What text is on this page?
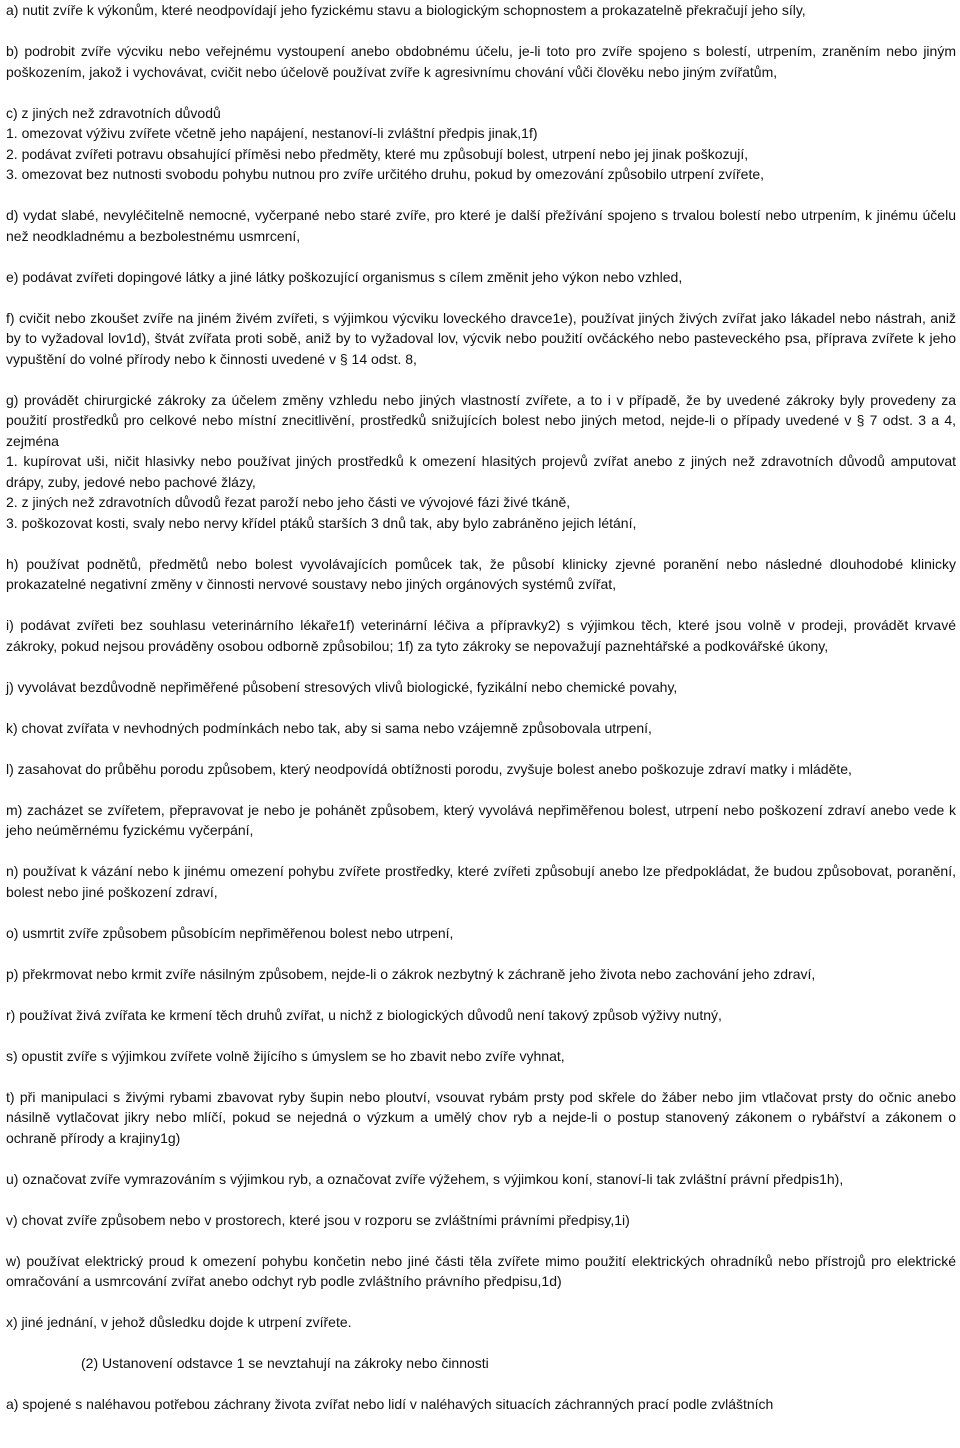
a) nutit zvíře k výkonům, které neodpovídají jeho fyzickému stavu a biologickým schopnostem a prokazatelně překračují jeho síly,

b) podrobit zvíře výcviku nebo veřejnému vystoupení anebo obdobnému účelu, je-li toto pro zvíře spojeno s bolestí, utrpením, zraněním nebo jiným poškozením, jakož i vychovávat, cvičit nebo účelově používat zvíře k agresivnímu chování vůči člověku nebo jiným zvířatům,

c) z jiných než zdravotních důvodů

1. omezovat výživu zvířete včetně jeho napájení, nestanoví-li zvláštní předpis jinak,1f)

2. podávat zvířeti potravu obsahující příměsi nebo předměty, které mu způsobují bolest, utrpení nebo jej jinak poškozují,

3. omezovat bez nutnosti svobodu pohybu nutnou pro zvíře určitého druhu, pokud by omezování způsobilo utrpení zvířete,

d) vydat slabé, nevyléčitelně nemocné, vyčerpané nebo staré zvíře, pro které je další přežívání spojeno s trvalou bolestí nebo utrpením, k jinému účelu než neodkladnému a bezbolestnému usmrcení,

e) podávat zvířeti dopingové látky a jiné látky poškozující organismus s cílem změnit jeho výkon nebo vzhled,

f) cvičit nebo zkoušet zvíře na jiném živém zvířeti, s výjimkou výcviku loveckého dravce1e), používat jiných živých zvířat jako lákadel nebo nástrah, aniž by to vyžadoval lov1d), štvát zvířata proti sobě, aniž by to vyžadoval lov, výcvik nebo použití ovčáckého nebo pasteveckého psa, příprava zvířete k jeho vypuštění do volné přírody nebo k činnosti uvedené v § 14 odst. 8,

g) provádět chirurgické zákroky za účelem změny vzhledu nebo jiných vlastností zvířete, a to i v případě, že by uvedené zákroky byly provedeny za použití prostředků pro celkové nebo místní znecitlivění, prostředků snižujících bolest nebo jiných metod, nejde-li o případy uvedené v § 7 odst. 3 a 4, zejména

1. kupírovat uši, ničit hlasivky nebo používat jiných prostředků k omezení hlasitých projevů zvířat anebo z jiných než zdravotních důvodů amputovat drápy, zuby, jedové nebo pachové žlázy,

2. z jiných než zdravotních důvodů řezat paroží nebo jeho části ve vývojové fázi živé tkáně,

3. poškozovat kosti, svaly nebo nervy křídel ptáků starších 3 dnů tak, aby bylo zabráněno jejich létání,

h) používat podnětů, předmětů nebo bolest vyvolávajících pomůcek tak, že působí klinicky zjevné poranění nebo následné dlouhodobé klinicky prokazatelné negativní změny v činnosti nervové soustavy nebo jiných orgánových systémů zvířat,

i) podávat zvířeti bez souhlasu veterinárního lékaře1f) veterinární léčiva a přípravky2) s výjimkou těch, které jsou volně v prodeji, provádět krvavé zákroky, pokud nejsou prováděny osobou odborně způsobilou; 1f) za tyto zákroky se nepovažují paznehtářské a podkovářské úkony,

j) vyvolávat bezdůvodně nepřiměřené působení stresových vlivů biologické, fyzikální nebo chemické povahy,

k) chovat zvířata v nevhodných podmínkách nebo tak, aby si sama nebo vzájemně způsobovala utrpení,

l) zasahovat do průběhu porodu způsobem, který neodpovídá obtížnosti porodu, zvyšuje bolest anebo poškozuje zdraví matky i mláděte,

m) zacházet se zvířetem, přepravovat je nebo je pohánět způsobem, který vyvolává nepřiměřenou bolest, utrpení nebo poškození zdraví anebo vede k jeho neúměrnému fyzickému vyčerpání,

n) používat k vázání nebo k jinému omezení pohybu zvířete prostředky, které zvířeti způsobují anebo lze předpokládat, že budou způsobovat, poranění, bolest nebo jiné poškození zdraví,

o) usmrtit zvíře způsobem působícím nepřiměřenou bolest nebo utrpení,

p) překrmovat nebo krmit zvíře násilným způsobem, nejde-li o zákrok nezbytný k záchraně jeho života nebo zachování jeho zdraví,

r) používat živá zvířata ke krmení těch druhů zvířat, u nichž z biologických důvodů není takový způsob výživy nutný,

s) opustit zvíře s výjimkou zvířete volně žijícího s úmyslem se ho zbavit nebo zvíře vyhnat,

t) při manipulaci s živými rybami zbavovat ryby šupin nebo ploutví, vsouvat rybám prsty pod skřele do žáber nebo jim vtlačovat prsty do očnic anebo násilně vytlačovat jikry nebo mlíčí, pokud se nejedná o výzkum a umělý chov ryb a nejde-li o postup stanovený zákonem o rybářství a zákonem o ochraně přírody a krajiny1g)

u) označovat zvíře vymrazováním s výjimkou ryb, a označovat zvíře výžehem, s výjimkou koní, stanoví-li tak zvláštní právní předpis1h),

v) chovat zvíře způsobem nebo v prostorech, které jsou v rozporu se zvláštními právními předpisy,1i)

w) používat elektrický proud k omezení pohybu končetin nebo jiné části těla zvířete mimo použití elektrických ohradníků nebo přístrojů pro elektrické omračování a usmrcování zvířat anebo odchyt ryb podle zvláštního právního předpisu,1d)

x) jiné jednání, v jehož důsledku dojde k utrpení zvířete.

(2) Ustanovení odstavce 1 se nevztahují na zákroky nebo činnosti

a) spojené s naléhavou potřebou záchrany života zvířat nebo lidí v naléhavých situacích záchranných prací podle zvláštních
